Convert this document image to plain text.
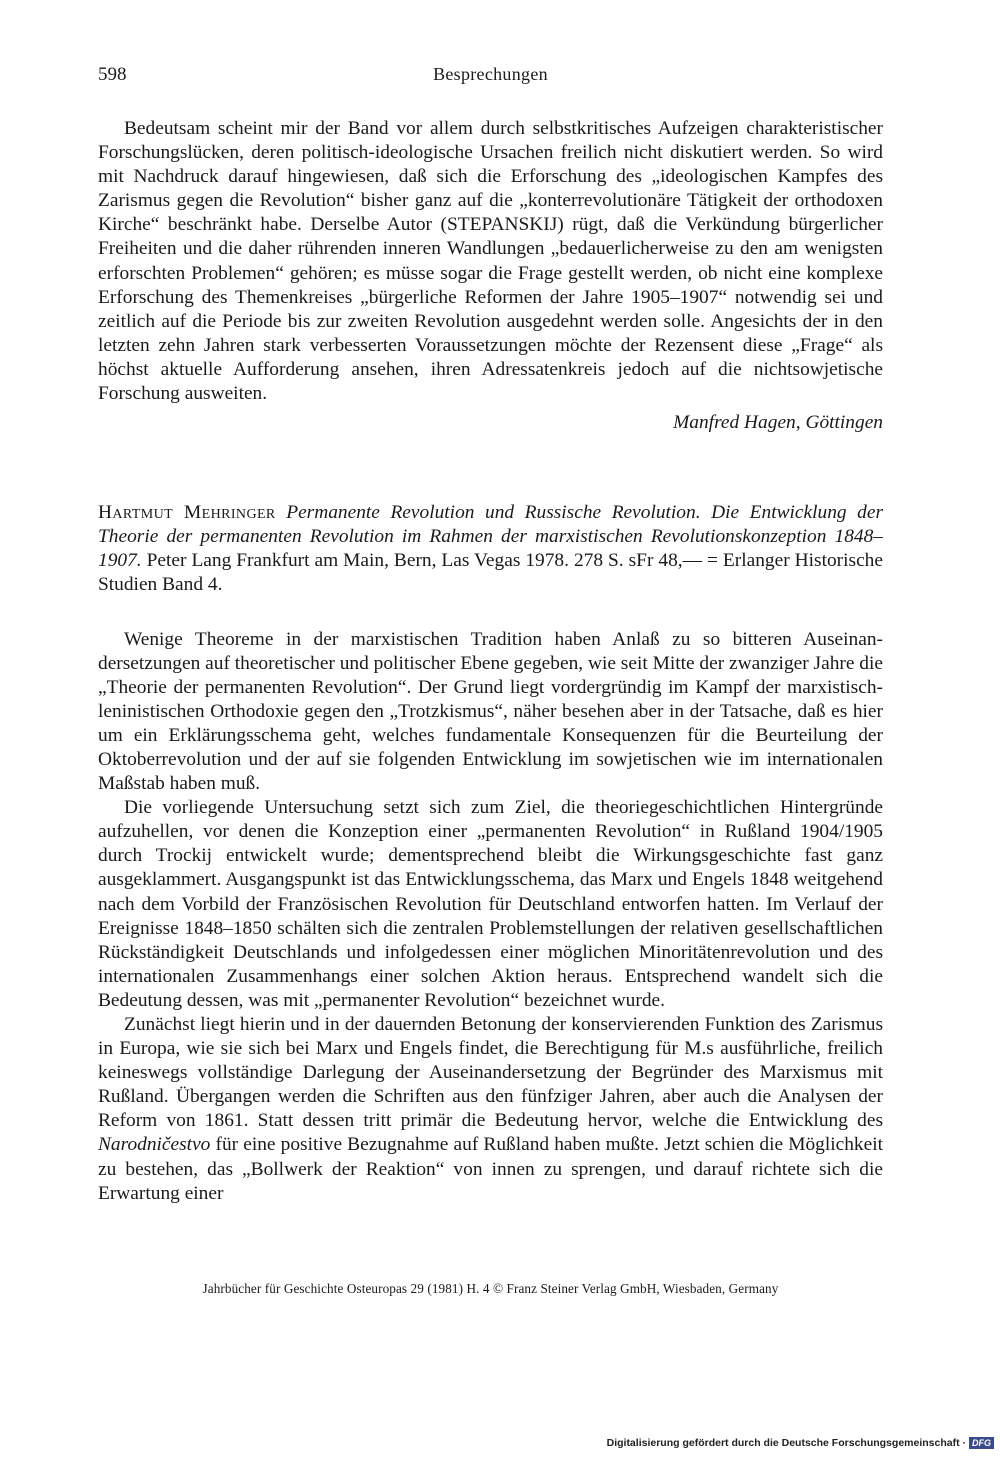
598	Besprechungen

Bedeutsam scheint mir der Band vor allem durch selbstkritisches Aufzeigen charakteristischer Forschungslücken, deren politisch-ideologische Ursachen freilich nicht diskutiert werden. So wird mit Nachdruck darauf hingewiesen, daß sich die Erforschung des „ideologischen Kampfes des Zarismus gegen die Revolution“ bisher ganz auf die „konterrevolutionäre Tätigkeit der orthodoxen Kirche“ beschränkt habe. Derselbe Autor (STEPANSKIJ) rügt, daß die Verkündung bürgerlicher Freiheiten und die daher rührenden inneren Wandlungen „bedauerlicherweise zu den am wenigsten erforschten Problemen“ gehören; es müsse sogar die Frage gestellt werden, ob nicht eine komplexe Erforschung des Themenkreises „bürgerliche Reformen der Jahre 1905–1907“ notwendig sei und zeitlich auf die Periode bis zur zweiten Revolution ausgedehnt werden solle. Angesichts der in den letzten zehn Jahren stark verbesserten Voraussetzungen möchte der Rezensent diese „Frage“ als höchst aktuelle Aufforderung ansehen, ihren Adressatenkreis jedoch auf die nichtsowjetische Forschung ausweiten.

Manfred Hagen, Göttingen

Hartmut Mehringer Permanente Revolution und Russische Revolution. Die Entwicklung der Theorie der permanenten Revolution im Rahmen der marxistischen Revolutionskonzeption 1848–1907. Peter Lang Frankfurt am Main, Bern, Las Vegas 1978. 278 S. sFr 48,— = Erlanger Historische Studien Band 4.

Wenige Theoreme in der marxistischen Tradition haben Anlaß zu so bitteren Auseinandersetzungen auf theoretischer und politischer Ebene gegeben, wie seit Mitte der zwanziger Jahre die „Theorie der permanenten Revolution“. Der Grund liegt vordergründig im Kampf der marxistisch-leninistischen Orthodoxie gegen den „Trotzkismus“, näher besehen aber in der Tatsache, daß es hier um ein Erklärungsschema geht, welches fundamentale Konsequenzen für die Beurteilung der Oktoberrevolution und der auf sie folgenden Entwicklung im sowjetischen wie im internationalen Maßstab haben muß.

Die vorliegende Untersuchung setzt sich zum Ziel, die theoriegeschichtlichen Hintergründe aufzuhellen, vor denen die Konzeption einer „permanenten Revolution“ in Rußland 1904/1905 durch Trockij entwickelt wurde; dementsprechend bleibt die Wirkungsgeschichte fast ganz ausgeklammert. Ausgangspunkt ist das Entwicklungsschema, das Marx und Engels 1848 weitgehend nach dem Vorbild der Französischen Revolution für Deutschland entworfen hatten. Im Verlauf der Ereignisse 1848–1850 schälten sich die zentralen Problemstellungen der relativen gesellschaftlichen Rückständigkeit Deutschlands und infolgedessen einer möglichen Minoritätenrevolution und des internationalen Zusammenhangs einer solchen Aktion heraus. Entsprechend wandelt sich die Bedeutung dessen, was mit „permanenter Revolution“ bezeichnet wurde.

Zunächst liegt hierin und in der dauernden Betonung der konservierenden Funktion des Zarismus in Europa, wie sie sich bei Marx und Engels findet, die Berechtigung für M.s ausführliche, freilich keineswegs vollständige Darlegung der Auseinandersetzung der Begründer des Marxismus mit Rußland. Übergangen werden die Schriften aus den fünfziger Jahren, aber auch die Analysen der Reform von 1861. Statt dessen tritt primär die Bedeutung hervor, welche die Entwicklung des Narodničestvo für eine positive Bezugnahme auf Rußland haben mußte. Jetzt schien die Möglichkeit zu bestehen, das „Bollwerk der Reaktion“ von innen zu sprengen, und darauf richtete sich die Erwartung einer

Jahrbücher für Geschichte Osteuropas 29 (1981) H. 4 © Franz Steiner Verlag GmbH, Wiesbaden, Germany
Digitalisierung gefördert durch die Deutsche Forschungsgemeinschaft · DFG
